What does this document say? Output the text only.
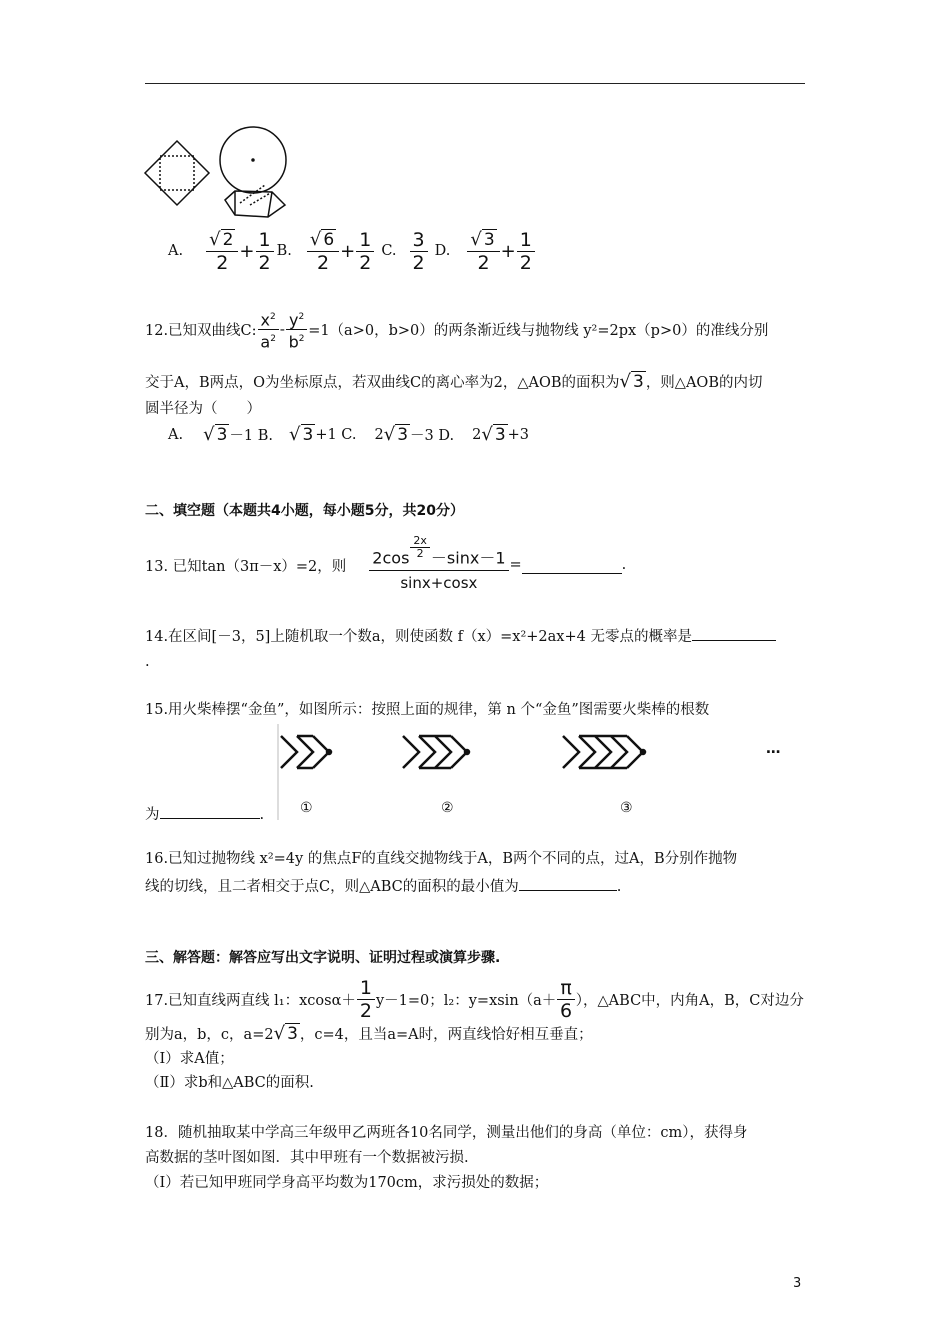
A. $\frac{√ 2}{2} + \frac{1}{2} B$. $\frac{√ 6}{2} + \frac{1}{2} C$. $\frac{3}{2} D$. $\frac{√ 3}{2} + \frac{1}{2}$
12.已知双曲线C: $\frac{x^2}{a^2} - \frac{y^2}{b^2} =1(a>0$，b>0）的两条渐近线与抛物线 y²=2px（p>0）的准线分别
交于A，B两点，O为坐标原点，若双曲线C的离心率为2，△AOB的面积为 √ 3 ，则△AOB的内切
圆半径为（　　）
A. √ 3 －1 B. √ 3 +1 C. 2 √ 3 －3 D. 2 √ 3 +3
二、填空题（本题共4小题，每小题5分，共20分）
13. 已知tan（3π－x）=2，则 $\frac{2\cos \frac{2x}{2} -\sin x-1}{\sin x+\cos x}$ =	.
14.在区间[－3，5]上随机取一个数a，则使函数 f（x）=x²+2ax+4 无零点的概率是
.
15.用火柴棒摆“金鱼”，如图所示：按照上面的规律，第 n 个“金鱼”图需要火柴棒的根数
…
①	②	③
为	.
16.已知过抛物线 x²=4y 的焦点F的直线交抛物线于A，B两个不同的点，过A，B分别作抛物
线的切线，且二者相交于点C，则△ABC的面积的最小值为	.
三、解答题：解答应写出文字说明、证明过程或演算步骤.
17.已知直线两直线 l₁：$xcos\alpha+ \frac{1}{2} y-1=0$；l₂：$y=xsin(a+ \frac{\pi}{6}$ ），△ABC中，内角A，B，C对边分
别为a，b，c，a=2 √ 3 ，c=4，且当a=A时，两直线恰好相互垂直；
（Ⅰ）求A值；
（Ⅱ）求b和△ABC的面积.
18．随机抽取某中学高三年级甲乙两班各10名同学，测量出他们的身高（单位：cm），获得身
高数据的茎叶图如图．其中甲班有一个数据被污损.
（Ⅰ）若已知甲班同学身高平均数为170cm，求污损处的数据；
3
